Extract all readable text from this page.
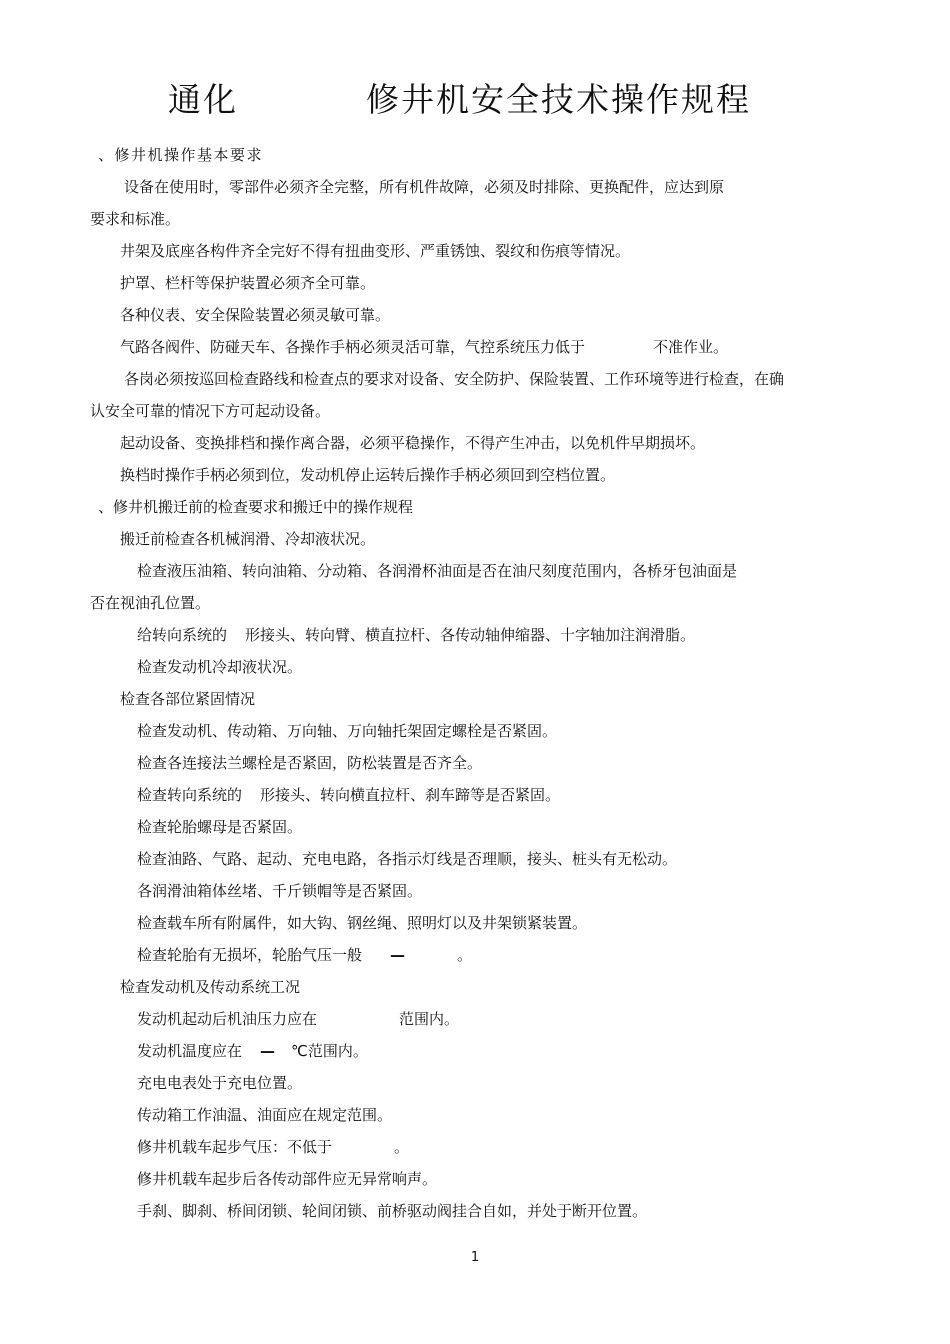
通化	修井机安全技术操作规程
、修井机操作基本要求
设备在使用时，零部件必须齐全完整，所有机件故障，必须及时排除、更换配件，应达到原
要求和标准。
井架及底座各构件齐全完好不得有扭曲变形、严重锈蚀、裂纹和伤痕等情况。
护罩、栏杆等保护装置必须齐全可靠。
各种仪表、安全保险装置必须灵敏可靠。
气路各阀件、防碰天车、各操作手柄必须灵活可靠，气控系统压力低于	不准作业。
各岗必须按巡回检查路线和检查点的要求对设备、安全防护、保险装置、工作环境等进行检查，在确
认安全可靠的情况下方可起动设备。
起动设备、变换排档和操作离合器，必须平稳操作，不得产生冲击，以免机件早期损坏。
换档时操作手柄必须到位，发动机停止运转后操作手柄必须回到空档位置。
、修井机搬迁前的检查要求和搬迁中的操作规程
搬迁前检查各机械润滑、冷却液状况。
检查液压油箱、转向油箱、分动箱、各润滑杯油面是否在油尺刻度范围内，各桥牙包油面是
否在视油孔位置。
给转向系统的 形接头、转向臂、横直拉杆、各传动轴伸缩器、十字轴加注润滑脂。
检查发动机冷却液状况。
检查各部位紧固情况
检查发动机、传动箱、万向轴、万向轴托架固定螺栓是否紧固。
检查各连接法兰螺栓是否紧固，防松装置是否齐全。
检查转向系统的 形接头、转向横直拉杆、刹车蹄等是否紧固。
检查轮胎螺母是否紧固。
检查油路、气路、起动、充电电路，各指示灯线是否理顺，接头、桩头有无松动。
各润滑油箱体丝堵、千斤锁帽等是否紧固。
检查载车所有附属件，如大钩、钢丝绳、照明灯以及井架锁紧装置。
检查轮胎有无损坏，轮胎气压一般 —	。
检查发动机及传动系统工况
发动机起动后机油压力应在	范围内。
发动机温度应在 — ℃范围内。
充电电表处于充电位置。
传动箱工作油温、油面应在规定范围。
修井机载车起步气压：不低于	。
修井机载车起步后各传动部件应无异常响声。
手刹、脚刹、桥间闭锁、轮间闭锁、前桥驱动阀挂合自如，并处于断开位置。
1
